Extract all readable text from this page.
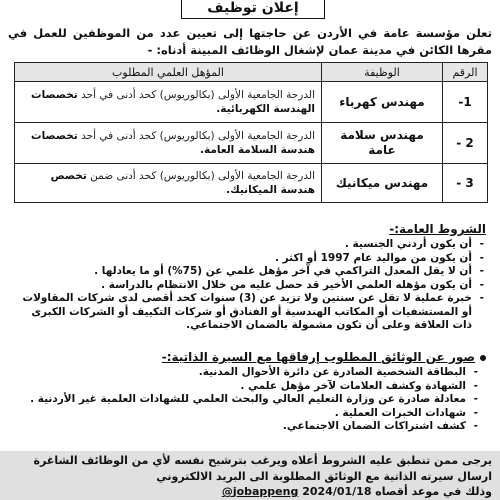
إعلان توظيف
تعلن مؤسسة عامة في الأردن عن حاجتها إلى تعيين عدد من الموظفين للعمل في مقرها الكائن في مدينة عمان لإشغال الوظائف المبينة أدناه: -
الرقم	الوظيفة	المؤهل العلمي المطلوب
1-	مهندس كهرباء	الدرجة الجامعية الأولى (بكالوريوس) كحد أدنى في أحد تخصصات الهندسة الكهربائية.
2 -	مهندس سلامة عامة	الدرجة الجامعية الأولى (بكالوريوس) كحد أدنى في أحد تخصصات هندسة السلامة العامة.
3 -	مهندس ميكانيك	الدرجة الجامعية الأولى (بكالوريوس) كحد أدنى ضمن تخصص هندسة الميكانيك.
الشروط العامة:-
- أن يكون أردني الجنسية .
- أن يكون من مواليد عام 1997 أو اكثر .
- أن لا يقل المعدل التراكمي في آخر مؤهل علمي عن (75%) أو ما يعادلها .
- أن يكون مؤهله العلمي الأخير قد حصل عليه من خلال الانتظام بالدراسة .
- خبرة عملية لا تقل عن سنتين ولا تزيد عن (3) سنوات كحد أقصى لدى شركات المقاولات أو المستشفيات أو المكاتب الهندسية أو الفنادق أو شركات التكييف أو الشركات الكبرى ذات العلاقة وعلى أن تكون مشمولة بالضمان الاجتماعي.
صور عن الوثائق المطلوب إرفاقها مع السيرة الذاتية:-
- البطاقة الشخصية الصادرة عن دائرة الأحوال المدنية.
- الشهادة وكشف العلامات لآخر مؤهل علمي .
- معادلة صادرة عن وزارة التعليم العالي والبحث العلمي للشهادات العلمية غير الأردنية .
- شهادات الخبرات العملية .
- كشف اشتراكات الضمان الاجتماعي.
يرجى ممن تنطبق عليه الشروط أعلاه ويرغب بترشيح نفسه لأي من الوظائف الشاغرة
ارسال سيرته الذاتية مع الوثائق المطلوبة الى البريد الالكتروني
وذلك في موعد أقصاه 2024/01/18 jobappeng@
